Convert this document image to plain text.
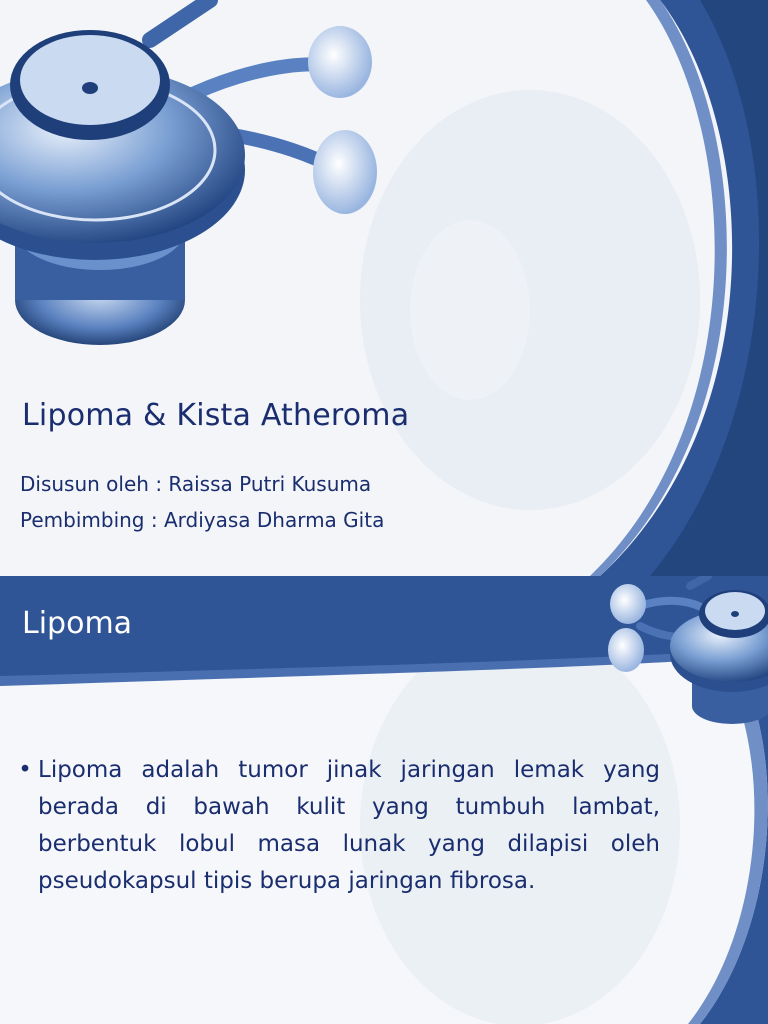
Lipoma & Kista Atheroma
Disusun oleh : Raissa Putri Kusuma
Pembimbing : Ardiyasa Dharma Gita
Lipoma
• Lipoma adalah tumor jinak jaringan lemak yang berada di bawah kulit yang tumbuh lambat, berbentuk lobul masa lunak yang dilapisi oleh pseudokapsul tipis berupa jaringan fibrosa.
